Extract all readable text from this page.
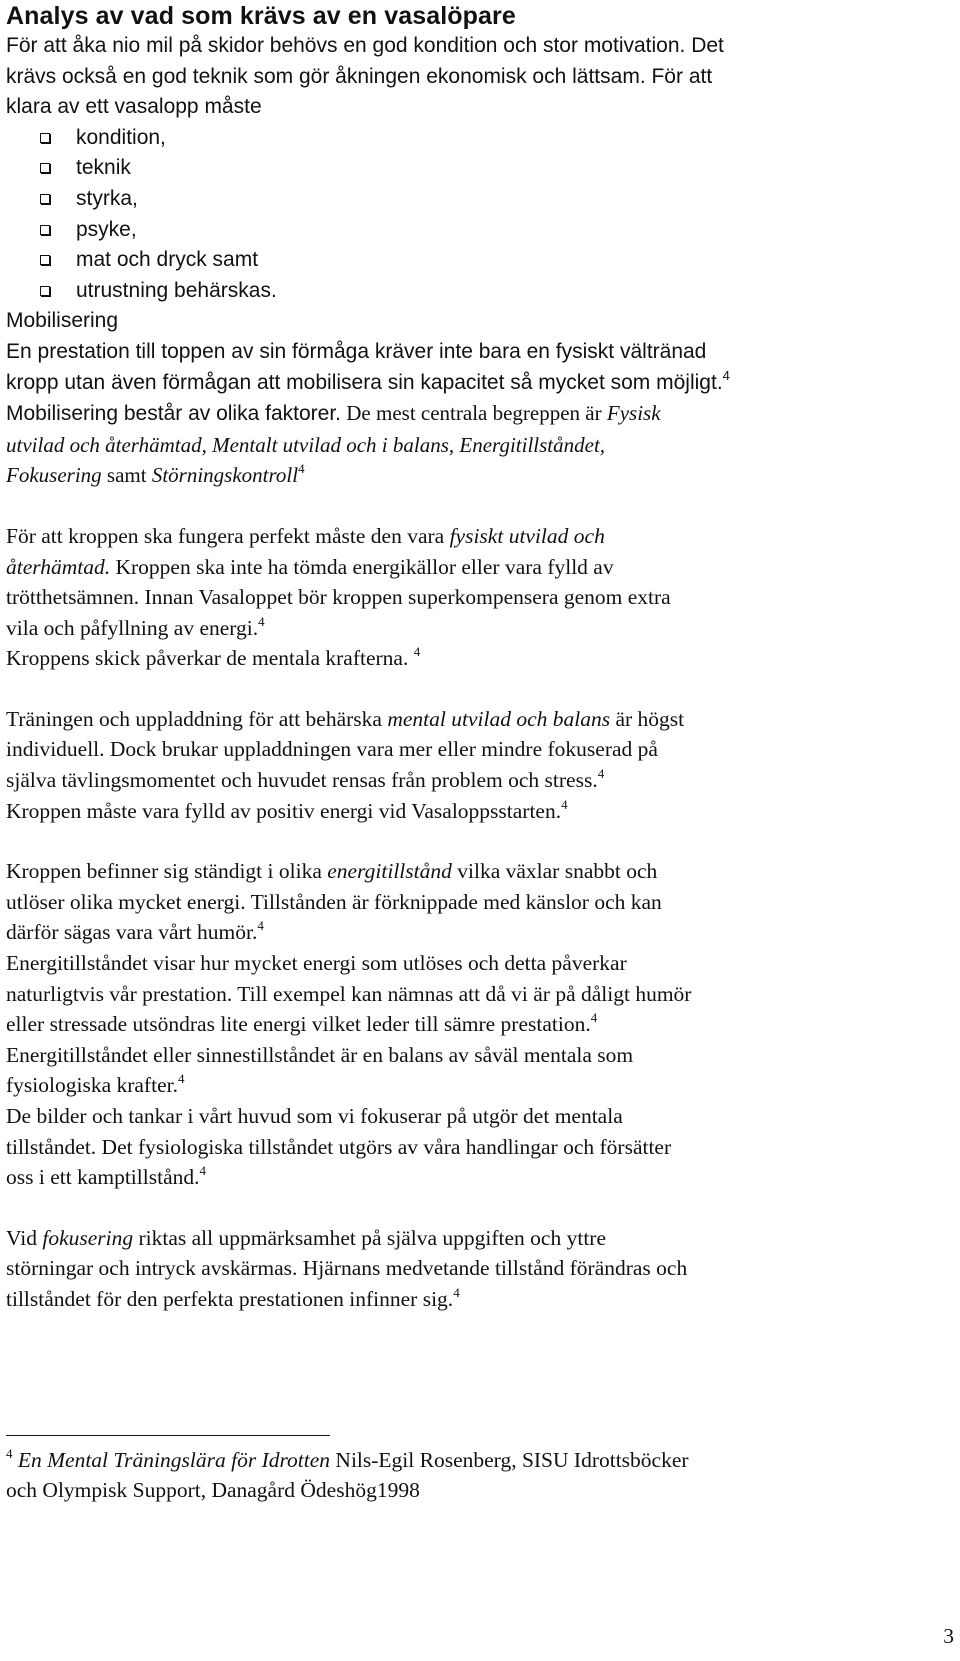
Analys av vad som krävs av en vasalöpare
För att åka nio mil på skidor behövs en god kondition och stor motivation. Det
krävs också en god teknik som gör åkningen ekonomisk och lättsam. För att
klara av ett vasalopp måste
kondition,
teknik
styrka,
psyke,
mat och dryck samt
utrustning behärskas.
Mobilisering
En prestation till toppen av sin förmåga kräver inte bara en fysiskt vältränad
kropp utan även förmågan att mobilisera sin kapacitet så mycket som möjligt.$^4$
Mobilisering består av olika faktorer. De mest centrala begreppen är Fysisk
utvilad och återhämtad, Mentalt utvilad och i balans, Energitillståndet,
Fokusering samt Störningskontroll$^4$
För att kroppen ska fungera perfekt måste den vara fysiskt utvilad och
återhämtad. Kroppen ska inte ha tömda energikällor eller vara fylld av
trötthetsämnen. Innan Vasaloppet bör kroppen superkompensera genom extra
vila och påfyllning av energi.$^4$
Kroppens skick påverkar de mentala krafterna. $^4$
Träningen och uppladdning för att behärska mental utvilad och balans är högst
individuell. Dock brukar uppladdningen vara mer eller mindre fokuserad på
själva tävlingsmomentet och huvudet rensas från problem och stress.$^4$
Kroppen måste vara fylld av positiv energi vid Vasaloppsstarten.$^4$
Kroppen befinner sig ständigt i olika energitillstånd vilka växlar snabbt och
utlöser olika mycket energi. Tillstånden är förknippade med känslor och kan
därför sägas vara vårt humör.$^4$
Energitillståndet visar hur mycket energi som utlöses och detta påverkar
naturligtvis vår prestation. Till exempel kan nämnas att då vi är på dåligt humör
eller stressade utsöndras lite energi vilket leder till sämre prestation.$^4$
Energitillståndet eller sinnestillståndet är en balans av såväl mentala som
fysiologiska krafter.$^4$
De bilder och tankar i vårt huvud som vi fokuserar på utgör det mentala
tillståndet. Det fysiologiska tillståndet utgörs av våra handlingar och försätter
oss i ett kamptillstånd.$^4$
Vid fokusering riktas all uppmärksamhet på själva uppgiften och yttre
störningar och intryck avskärmas. Hjärnans medvetande tillstånd förändras och
tillståndet för den perfekta prestationen infinner sig.$^4$
$^4$ En Mental Träningslära för Idrotten Nils-Egil Rosenberg, SISU Idrottsböcker
och Olympisk Support, Danagård Ödeshög1998
3
